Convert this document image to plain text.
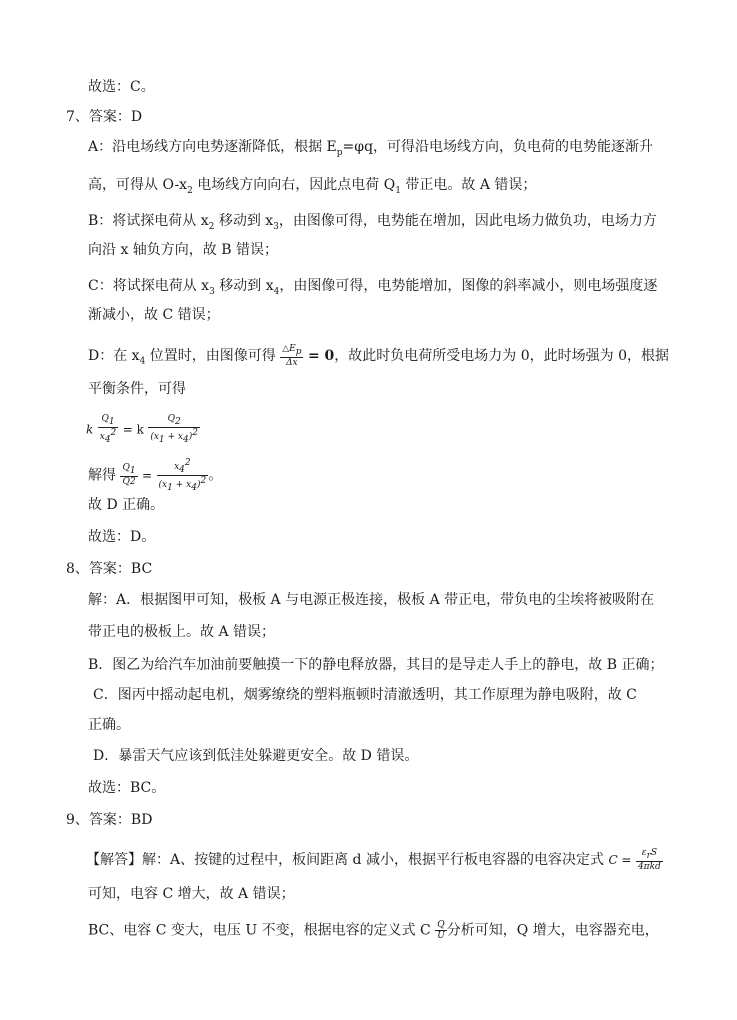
故选：C。
7、答案：D
A：沿电场线方向电势逐渐降低，根据 $E_p=\varphi q$，可得沿电场线方向，负电荷的电势能逐渐升
高，可得从 $O-x_2$ 电场线方向向右，因此点电荷 $Q_1$ 带正电。故 A 错误；
B：将试探电荷从 $x_2$ 移动到 $x_3$，由图像可得，电势能在增加，因此电场力做负功，电场力方
向沿 x 轴负方向，故 B 错误；
C：将试探电荷从 $x_3$ 移动到 $x_4$，由图像可得，电势能增加，图像的斜率减小，则电场强度逐
渐减小，故 C 错误；
D：在 $x_4$ 位置时，由图像可得 $\frac{\triangle E_p}{\Delta x} = 0$，故此时负电荷所受电场力为 0，此时场强为 0，根据
平衡条件，可得
k $\frac{Q_1}{x_4^2} = k \frac{Q_2}{(x_1 + x_4)^2}$
解得 $\frac{Q_1}{Q2} = \frac{x_4^2}{(x_1 + x_4)^2}$ 。
故 D 正确。
故选：D。
8、答案：BC
解：A．根据图甲可知，极板 A 与电源正极连接，极板 A 带正电，带负电的尘埃将被吸附在
带正电的极板上。故 A 错误；
B．图乙为给汽车加油前要触摸一下的静电释放器，其目的是导走人手上的静电，故 B 正确；
C．图丙中摇动起电机，烟雾缭绕的塑料瓶顿时清澈透明，其工作原理为静电吸附，故 C
正确。
D．暴雷天气应该到低洼处躲避更安全。故 D 错误。
故选：BC。
9、答案：BD
【解答】解：A、按键的过程中，板间距离 d 减小，根据平行板电容器的电容决定式 $C = \frac{\varepsilon_rS}{\text{4πkd}}$
可知，电容 C 增大，故 A 错误；
BC、电容 C 变大，电压 U 不变，根据电容的定义式 C $\frac{Q}{U}$ 分析可知，Q 增大，电容器充电，
